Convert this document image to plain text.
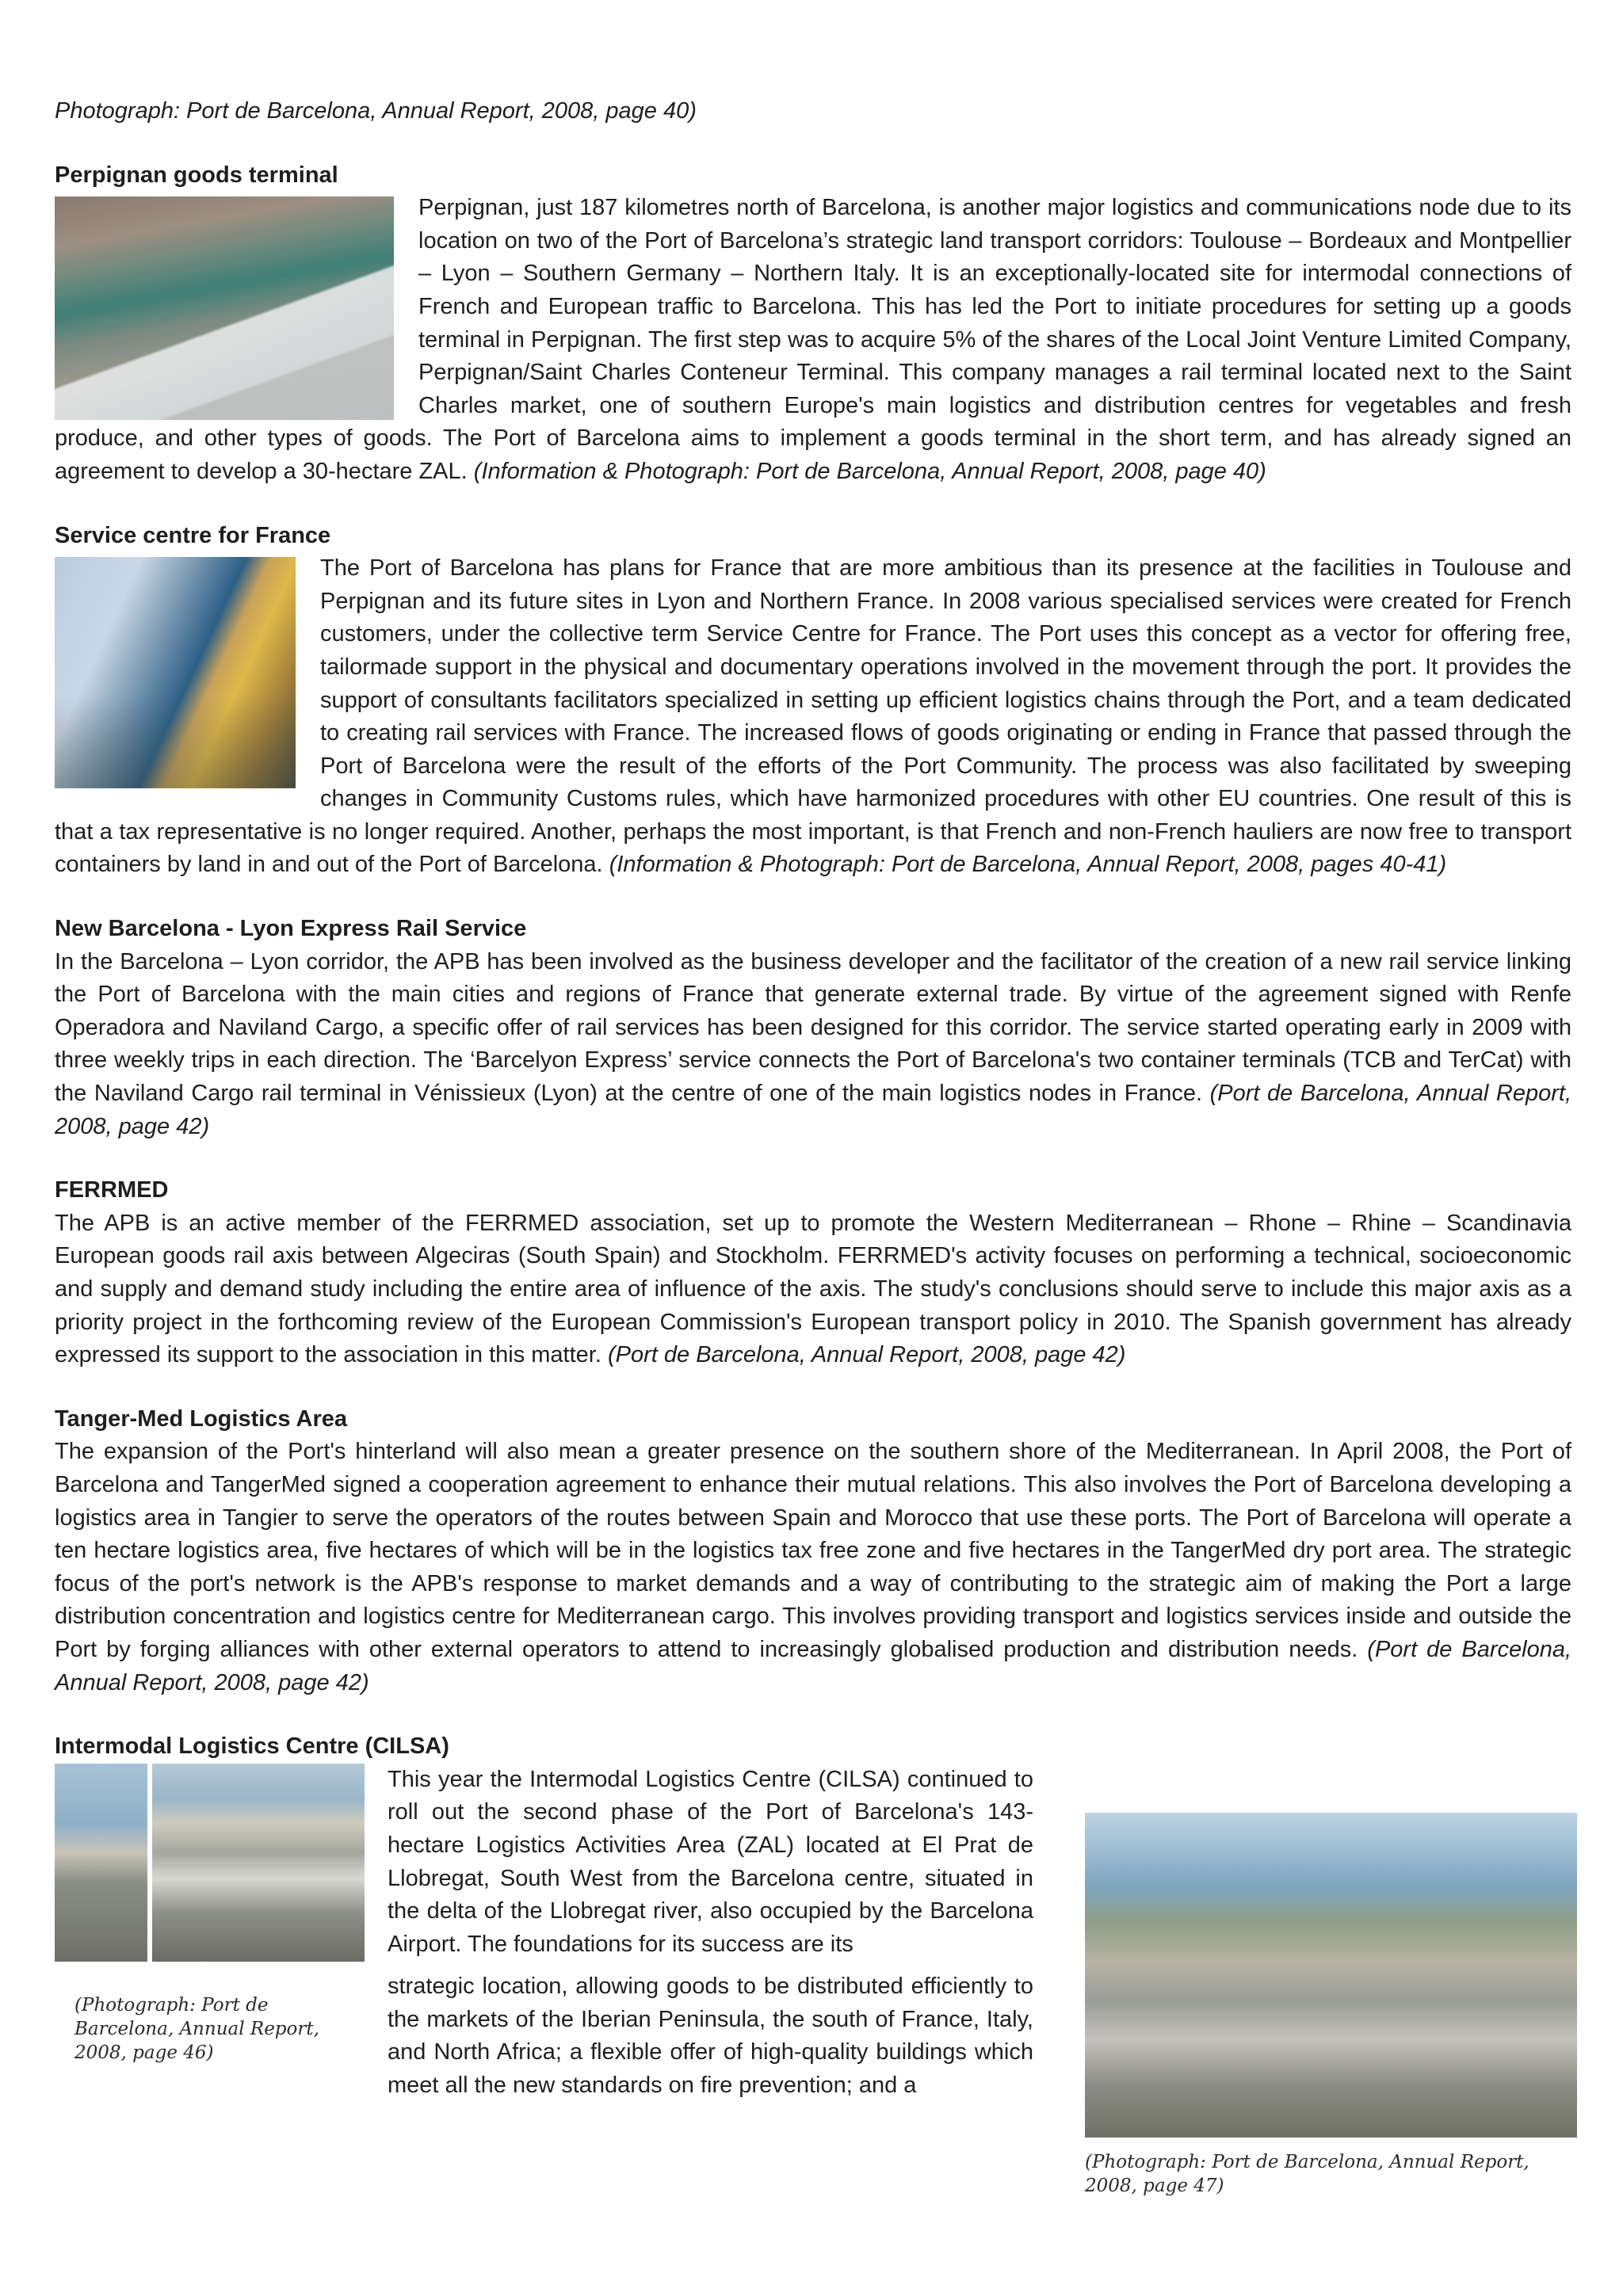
Photograph: Port de Barcelona, Annual Report, 2008, page 40)
Perpignan goods terminal
Perpignan, just 187 kilometres north of Barcelona, is another major logistics and communications node due to its location on two of the Port of Barcelona’s strategic land transport corridors: Toulouse – Bordeaux and Montpellier – Lyon – Southern Germany – Northern Italy. It is an exceptionally-located site for intermodal connections of French and European traffic to Barcelona. This has led the Port to initiate procedures for setting up a goods terminal in Perpignan. The first step was to acquire 5% of the shares of the Local Joint Venture Limited Company, Perpignan/Saint Charles Conteneur Terminal. This company manages a rail terminal located next to the Saint Charles market, one of southern Europe's main logistics and distribution centres for vegetables and fresh produce, and other types of goods. The Port of Barcelona aims to implement a goods terminal in the short term, and has already signed an agreement to develop a 30-hectare ZAL. (Information & Photograph: Port de Barcelona, Annual Report, 2008, page 40)
Service centre for France
The Port of Barcelona has plans for France that are more ambitious than its presence at the facilities in Toulouse and Perpignan and its future sites in Lyon and Northern France. In 2008 various specialised services were created for French customers, under the collective term Service Centre for France. The Port uses this concept as a vector for offering free, tailormade support in the physical and documentary operations involved in the movement through the port. It provides the support of consultants facilitators specialized in setting up efficient logistics chains through the Port, and a team dedicated to creating rail services with France. The increased flows of goods originating or ending in France that passed through the Port of Barcelona were the result of the efforts of the Port Community. The process was also facilitated by sweeping changes in Community Customs rules, which have harmonized procedures with other EU countries. One result of this is that a tax representative is no longer required. Another, perhaps the most important, is that French and non-French hauliers are now free to transport containers by land in and out of the Port of Barcelona. (Information & Photograph: Port de Barcelona, Annual Report, 2008, pages 40-41)
New Barcelona - Lyon Express Rail Service
In the Barcelona – Lyon corridor, the APB has been involved as the business developer and the facilitator of the creation of a new rail service linking the Port of Barcelona with the main cities and regions of France that generate external trade. By virtue of the agreement signed with Renfe Operadora and Naviland Cargo, a specific offer of rail services has been designed for this corridor. The service started operating early in 2009 with three weekly trips in each direction. The ‘Barcelyon Express’ service connects the Port of Barcelona's two container terminals (TCB and TerCat) with the Naviland Cargo rail terminal in Vénissieux (Lyon) at the centre of one of the main logistics nodes in France. (Port de Barcelona, Annual Report, 2008, page 42)
FERRMED
The APB is an active member of the FERRMED association, set up to promote the Western Mediterranean – Rhone – Rhine – Scandinavia European goods rail axis between Algeciras (South Spain) and Stockholm. FERRMED's activity focuses on performing a technical, socioeconomic and supply and demand study including the entire area of influence of the axis. The study's conclusions should serve to include this major axis as a priority project in the forthcoming review of the European Commission's European transport policy in 2010. The Spanish government has already expressed its support to the association in this matter. (Port de Barcelona, Annual Report, 2008, page 42)
Tanger-Med Logistics Area
The expansion of the Port's hinterland will also mean a greater presence on the southern shore of the Mediterranean. In April 2008, the Port of Barcelona and TangerMed signed a cooperation agreement to enhance their mutual relations. This also involves the Port of Barcelona developing a logistics area in Tangier to serve the operators of the routes between Spain and Morocco that use these ports. The Port of Barcelona will operate a ten hectare logistics area, five hectares of which will be in the logistics tax free zone and five hectares in the TangerMed dry port area. The strategic focus of the port's network is the APB's response to market demands and a way of contributing to the strategic aim of making the Port a large distribution concentration and logistics centre for Mediterranean cargo. This involves providing transport and logistics services inside and outside the Port by forging alliances with other external operators to attend to increasingly globalised production and distribution needs. (Port de Barcelona, Annual Report, 2008, page 42)
Intermodal Logistics Centre (CILSA)
(Photograph: Port de Barcelona, Annual Report, 2008, page 46)
This year the Intermodal Logistics Centre (CILSA) continued to roll out the second phase of the Port of Barcelona's 143-hectare Logistics Activities Area (ZAL) located at El Prat de Llobregat, South West from the Barcelona centre, situated in the delta of the Llobregat river, also occupied by the Barcelona Airport. The foundations for its success are its
strategic location, allowing goods to be distributed efficiently to the markets of the Iberian Peninsula, the south of France, Italy, and North Africa; a flexible offer of high-quality buildings which meet all the new standards on fire prevention; and a
(Photograph: Port de Barcelona, Annual Report, 2008, page 47)
